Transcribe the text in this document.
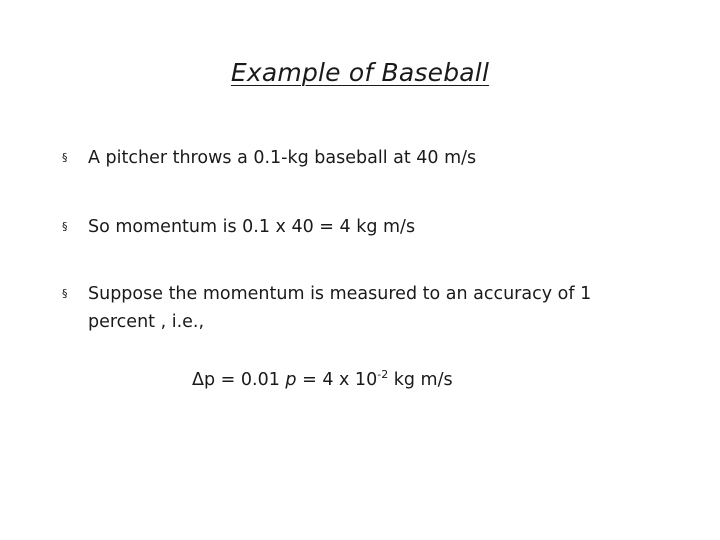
Example of Baseball
§	A pitcher throws a 0.1-kg baseball at 40 m/s
§	So momentum is 0.1 x 40 = 4 kg m/s
§	Suppose the momentum is measured to an accuracy of 1 percent , i.e.,
Δp = 0.01 p = 4 x $10^{-2}$ kg m/s
